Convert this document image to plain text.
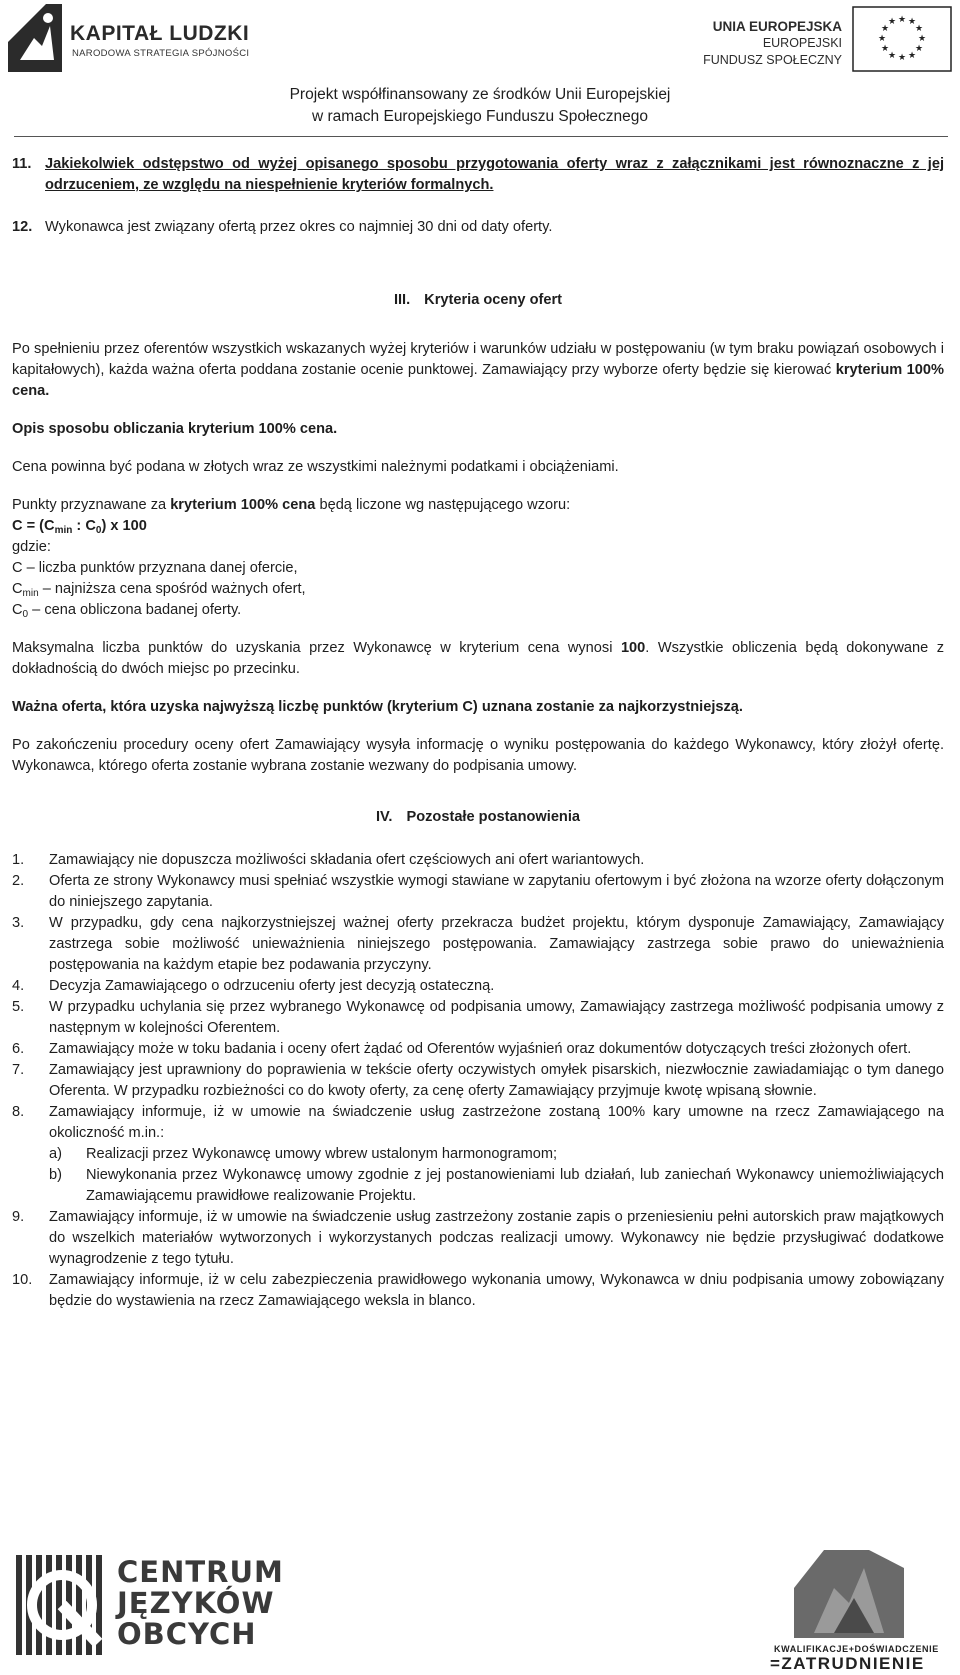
KAPITAŁ LUDZKI
NARODOWA STRATEGIA SPÓJNOŚCI
UNIA EUROPEJSKA
EUROPEJSKI
FUNDUSZ SPOŁECZNY
★ ★
★
★
★
★
★
★
★
★
★
★
Projekt współfinansowany ze środków Unii Europejskiej
w ramach Europejskiego Funduszu Społecznego
11. Jakiekolwiek odstępstwo od wyżej opisanego sposobu przygotowania oferty wraz z załącznikami jest równoznaczne z jej odrzuceniem, ze względu na niespełnienie kryteriów formalnych.
12. Wykonawca jest związany ofertą przez okres co najmniej 30 dni od daty oferty.
III. Kryteria oceny ofert

Po spełnieniu przez oferentów wszystkich wskazanych wyżej kryteriów i warunków udziału w postępowaniu (w tym braku powiązań osobowych i kapitałowych), każda ważna oferta poddana zostanie ocenie punktowej. Zamawiający przy wyborze oferty będzie się kierować kryterium 100% cena.

Opis sposobu obliczania kryterium 100% cena.

Cena powinna być podana w złotych wraz ze wszystkimi należnymi podatkami i obciążeniami.

Punkty przyznawane za kryterium 100% cena będą liczone wg następującego wzoru:

$C = (C_{min}$ : $C_0$) x 100

gdzie:

C – liczba punktów przyznana danej ofercie,

$C_{min}$ – najniższa cena spośród ważnych ofert,

$C_0$ – cena obliczona badanej oferty.

Maksymalna liczba punktów do uzyskania przez Wykonawcę w kryterium cena wynosi 100. Wszystkie obliczenia będą dokonywane z dokładnością do dwóch miejsc po przecinku.

Ważna oferta, która uzyska najwyższą liczbę punktów (kryterium C) uznana zostanie za najkorzystniejszą.

Po zakończeniu procedury oceny ofert Zamawiający wysyła informację o wyniku postępowania do każdego Wykonawcy, który złożył ofertę. Wykonawca, którego oferta zostanie wybrana zostanie wezwany do podpisania umowy.

IV. Pozostałe postanowienia
1.	Zamawiający nie dopuszcza możliwości składania ofert częściowych ani ofert wariantowych.
2.	Oferta ze strony Wykonawcy musi spełniać wszystkie wymogi stawiane w zapytaniu ofertowym i być złożona na wzorze oferty dołączonym do niniejszego zapytania.
3.	W przypadku, gdy cena najkorzystniejszej ważnej oferty przekracza budżet projektu, którym dysponuje Zamawiający, Zamawiający zastrzega sobie możliwość unieważnienia niniejszego postępowania. Zamawiający zastrzega sobie prawo do unieważnienia postępowania na każdym etapie bez podawania przyczyny.
4.	Decyzja Zamawiającego o odrzuceniu oferty jest decyzją ostateczną.
5.	W przypadku uchylania się przez wybranego Wykonawcę od podpisania umowy, Zamawiający zastrzega możliwość podpisania umowy z następnym w kolejności Oferentem.
6.	Zamawiający może w toku badania i oceny ofert żądać od Oferentów wyjaśnień oraz dokumentów dotyczących treści złożonych ofert.
7.	Zamawiający jest uprawniony do poprawienia w tekście oferty oczywistych omyłek pisarskich, niezwłocznie zawiadamiając o tym danego Oferenta. W przypadku rozbieżności co do kwoty oferty, za cenę oferty Zamawiający przyjmuje kwotę wpisaną słownie.
8.	Zamawiający informuje, iż w umowie na świadczenie usług zastrzeżone zostaną 100% kary umowne na rzecz Zamawiającego na okoliczność m.in.:
a)	Realizacji przez Wykonawcę umowy wbrew ustalonym harmonogramom;
b)	Niewykonania przez Wykonawcę umowy zgodnie z jej postanowieniami lub działań, lub zaniechań Wykonawcy uniemożliwiających Zamawiającemu prawidłowe realizowanie Projektu.
9.	Zamawiający informuje, iż w umowie na świadczenie usług zastrzeżony zostanie zapis o przeniesieniu pełni autorskich praw majątkowych do wszelkich materiałów wytworzonych i wykorzystanych podczas realizacji umowy. Wykonawcy nie będzie przysługiwać dodatkowe wynagrodzenie z tego tytułu.
10.	Zamawiający informuje, iż w celu zabezpieczenia prawidłowego wykonania umowy, Wykonawca w dniu podpisania umowy zobowiązany będzie do wystawienia na rzecz Zamawiającego weksla in blanco.
CENTRUM
JĘZYKÓW
OBCYCH	KWALIFIKACJE+DOŚWIADCZENIE
=ZATRUDNIENIE
